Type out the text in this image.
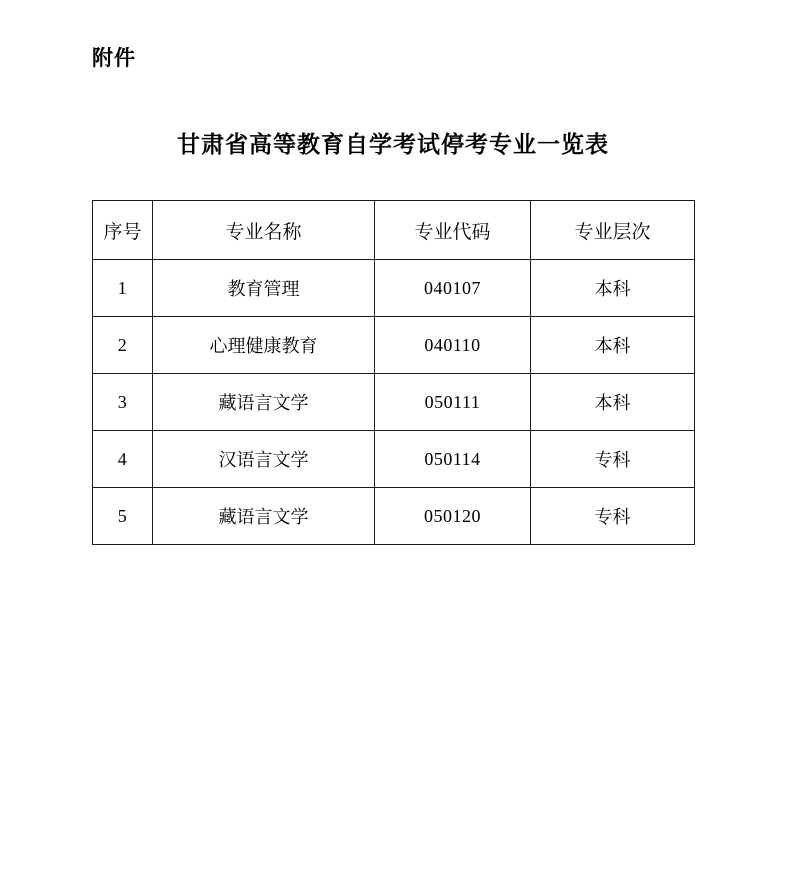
附件
甘肃省高等教育自学考试停考专业一览表
序号	专业名称	专业代码	专业层次
1	教育管理	040107	本科
2	心理健康教育	040110	本科
3	藏语言文学	050111	本科
4	汉语言文学	050114	专科
5	藏语言文学	050120	专科
